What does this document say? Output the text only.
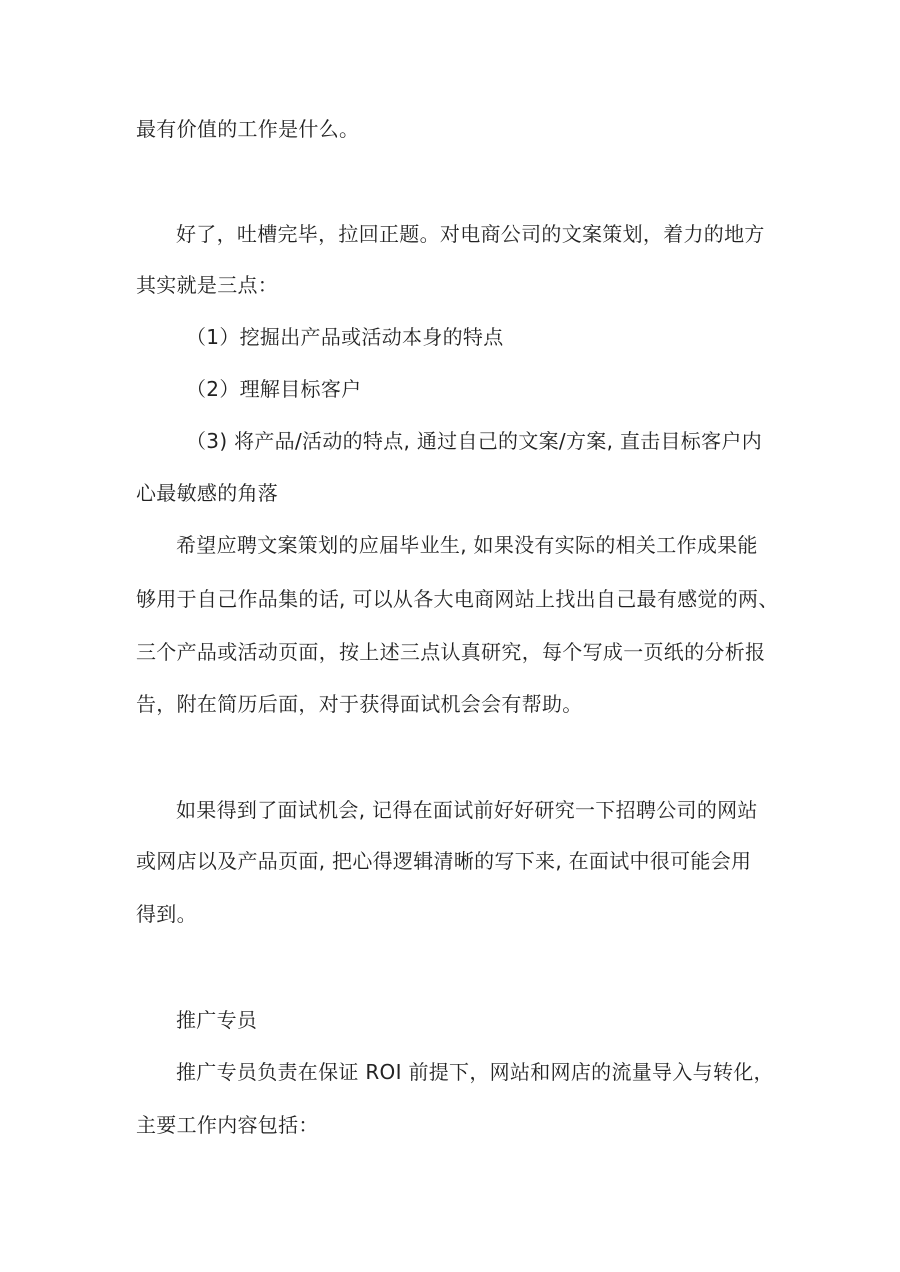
最有价值的工作是什么。
好了，吐槽完毕，拉回正题。对电商公司的文案策划，着力的地方
其实就是三点：
（1）挖掘出产品或活动本身的特点
（2）理解目标客户
（3) 将产品/活动的特点, 通过自己的文案/方案, 直击目标客户内
心最敏感的角落
希望应聘文案策划的应届毕业生, 如果没有实际的相关工作成果能
够用于自己作品集的话, 可以从各大电商网站上找出自己最有感觉的两、
三个产品或活动页面，按上述三点认真研究，每个写成一页纸的分析报
告，附在简历后面，对于获得面试机会会有帮助。
如果得到了面试机会, 记得在面试前好好研究一下招聘公司的网站
或网店以及产品页面, 把心得逻辑清晰的写下来, 在面试中很可能会用
得到。
推广专员
推广专员负责在保证 ROI 前提下，网站和网店的流量导入与转化，
主要工作内容包括：
